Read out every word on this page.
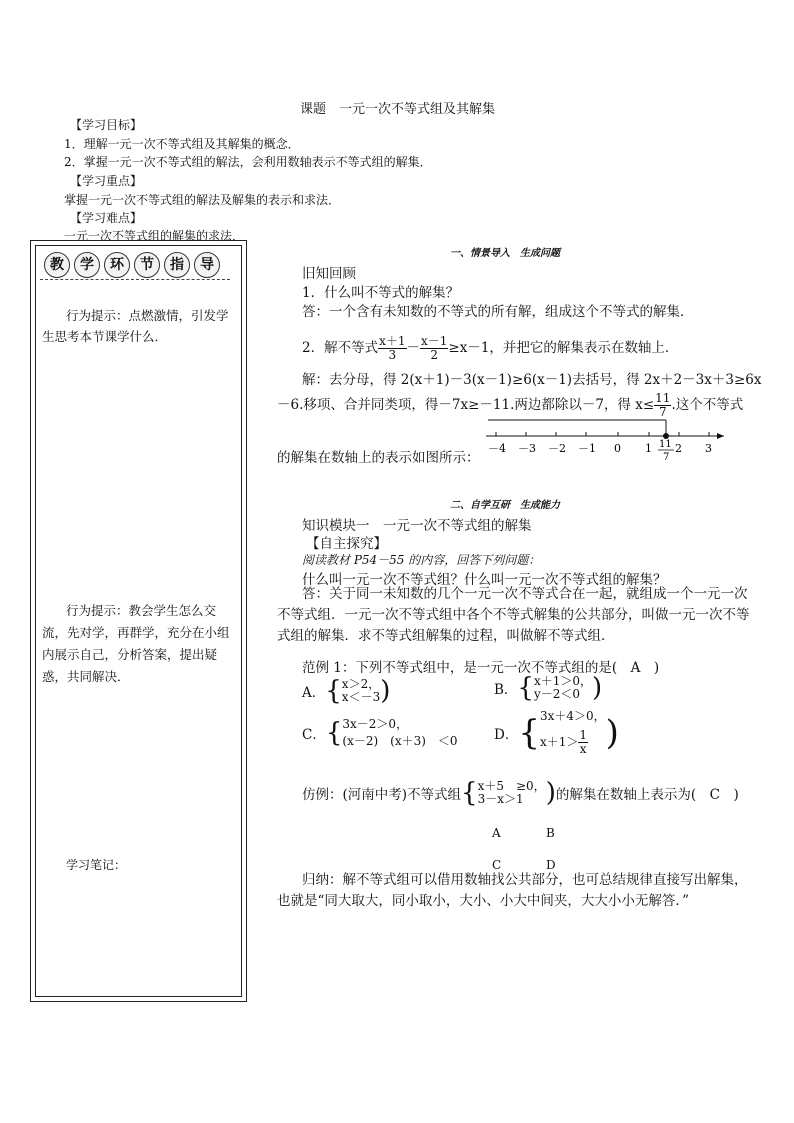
课题　一元一次不等式组及其解集
【学习目标】
1．理解一元一次不等式组及其解集的概念．
2．掌握一元一次不等式组的解法，会利用数轴表示不等式组的解集．
【学习重点】
掌握一元一次不等式组的解法及解集的表示和求法．
【学习难点】
一元一次不等式组的解集的求法．
教	学	环	节	指	导
行为提示：点燃激情，引发学生思考本节课学什么．
行为提示：教会学生怎么交流，先对学，再群学，充分在小组内展示自己，分析答案，提出疑惑，共同解决．
学习笔记：
一、情景导入　生成问题
旧知回顾
1．什么叫不等式的解集？
答：一个含有未知数的不等式的所有解，组成这个不等式的解集．
2．解不等式 $\frac{x+1}{3} - \frac{x-1}{2} \ge x-1$，并把它的解集表示在数轴上．
解：去分母，得 2(x＋1)－3(x－1)≥6(x－1)去括号，得 2x＋2－3x＋3≥6x
－6.移项、合并同类项，得－7x≥－11.两边都除以－7，得 $x\le \frac{11}{7}$ .这个不等式
－4 －3 －2 －1 0 1 2 3
11
7
的解集在数轴上的表示如图所示：
二、自学互研　生成能力
知识模块一　一元一次不等式组的解集
【自主探究】
阅读教材 P54－55 的内容，回答下列问题：
什么叫一元一次不等式组？什么叫一元一次不等式组的解集？
答：关于同一未知数的几个一元一次不等式合在一起，就组成一个一元一次不等式组．一元一次不等式组中各个不等式解集的公共部分，叫做一元一次不等式组的解集．求不等式组解集的过程，叫做解不等式组．
范例 1：下列不等式组中，是一元一次不等式组的是(　A　)
A．{ x＞2，
x＜－3 )	B．{ x＋1＞0，
y－2＜0 )
C．{ 3x－2＞0，
(x－2)　(x＋3)　＜0	D．{ 3x＋4＞0，
$x+1> \frac{1}{x}$ )
仿例：(河南中考)不等式组{ x＋5　≥0，
3－x＞1 )的解集在数轴上表示为(　C　)
A	B
C	D
归纳：解不等式组可以借用数轴找公共部分，也可总结规律直接写出解集，也就是“同大取大，同小取小，大小、小大中间夹，大大小小无解答．”
